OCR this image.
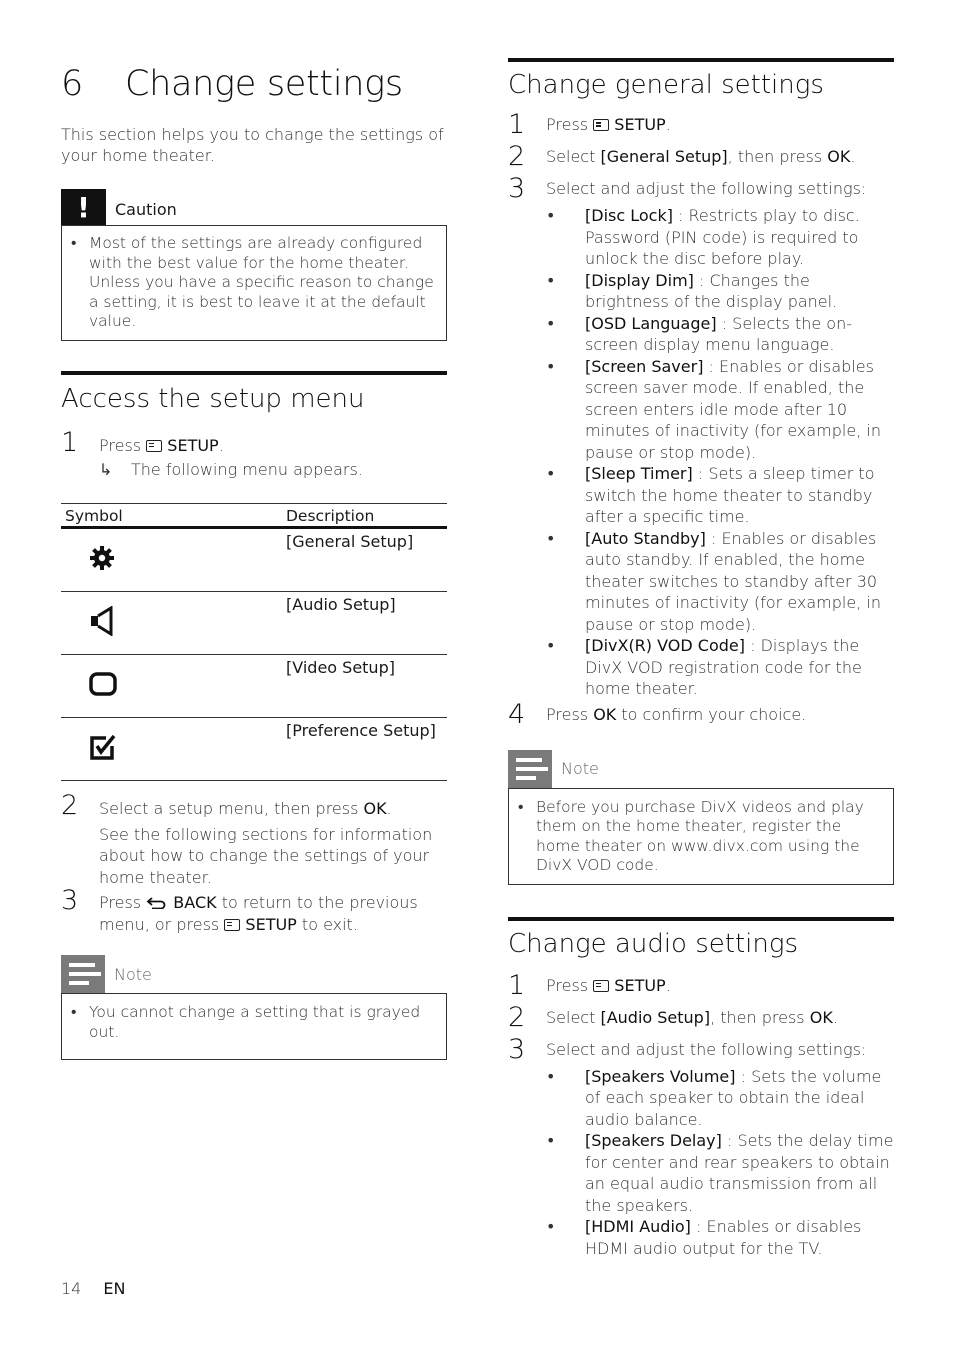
6	Change settings
This section helps you to change the settings of your home theater.
!	Caution
• Most of the settings are already configured with the best value for the home theater. Unless you have a specific reason to change a setting, it is best to leave it at the default value.
Access the setup menu
1	Press SETUP.
↳	The following menu appears.
Symbol	Description
	[General Setup]
	[Audio Setup]
	[Video Setup]
	[Preference Setup]
2	Select a setup menu, then press OK.

See the following sections for information about how to change the settings of your home theater.
3	Press  BACK to return to the previous menu, or press  SETUP to exit.
Note
• You cannot change a setting that is grayed out.
Change general settings
1	Press SETUP.
2	Select [General Setup], then press OK.
3	Select and adjust the following settings:
•	[Disc Lock] : Restricts play to disc. Password (PIN code) is required to unlock the disc before play.
•	[Display Dim] : Changes the brightness of the display panel.
•	[OSD Language] : Selects the on-screen display menu language.
•	[Screen Saver] : Enables or disables screen saver mode. If enabled, the screen enters idle mode after 10 minutes of inactivity (for example, in pause or stop mode).
•	[Sleep Timer] : Sets a sleep timer to switch the home theater to standby after a specific time.
•	[Auto Standby] : Enables or disables auto standby. If enabled, the home theater switches to standby after 30 minutes of inactivity (for example, in pause or stop mode).
•	[DivX(R) VOD Code] : Displays the DivX VOD registration code for the home theater.
4	Press OK to confirm your choice.
Note
• Before you purchase DivX videos and play them on the home theater, register the home theater on www.divx.com using the DivX VOD code.
Change audio settings
1	Press SETUP.
2	Select [Audio Setup], then press OK.
3	Select and adjust the following settings:
•	[Speakers Volume] : Sets the volume of each speaker to obtain the ideal audio balance.
•	[Speakers Delay] : Sets the delay time for center and rear speakers to obtain an equal audio transmission from all the speakers.
•	[HDMI Audio] : Enables or disables HDMI audio output for the TV.
14 EN
